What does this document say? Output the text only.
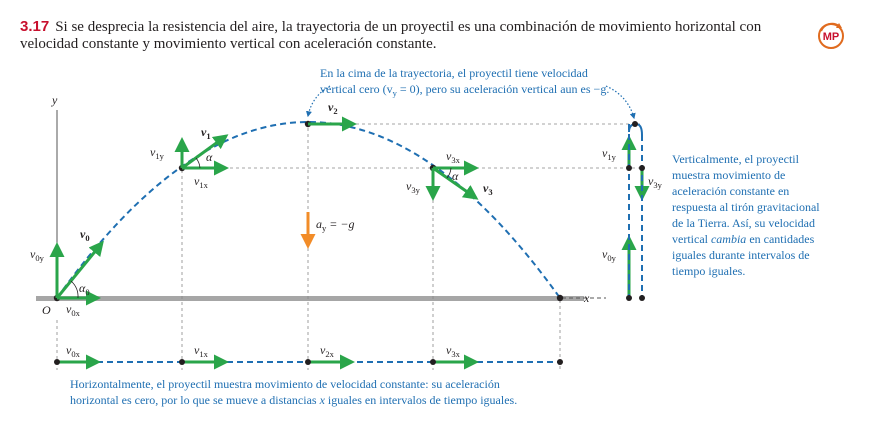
3.17 Si se desprecia la resistencia del aire, la trayectoria de un proyectil es una combinación de movimiento horizontal con velocidad constante y movimiento vertical con aceleración constante.	MP
y
x
O
$v_0$
$v_1$
$v_2$
$v_3$
$v_{0y}$
$v_{0x}$
$v_{1y}$
$v_{1x}$
$v_{3x}$
$v_{3y}$
$\alpha_0$
α
α
$a_y = -g$
$v_{0x}$	$v_{1x}$	$v_{2x}$	$v_{3x}$
$v_{1y}$
$v_{3y}$
$v_{0y}$
En la cima de la trayectoria, el proyectil tiene velocidad
vertical cero $(v_y = 0)$, pero su aceleración vertical aun es −g.
Verticalmente, el proyectil
muestra movimiento de
aceleración constante en
respuesta al tirón gravitacional
de la Tierra. Así, su velocidad
vertical cambia en cantidades
iguales durante intervalos de
tiempo iguales.
Horizontalmente, el proyectil muestra movimiento de velocidad constante: su aceleración
horizontal es cero, por lo que se mueve a distancias x iguales en intervalos de tiempo iguales.
